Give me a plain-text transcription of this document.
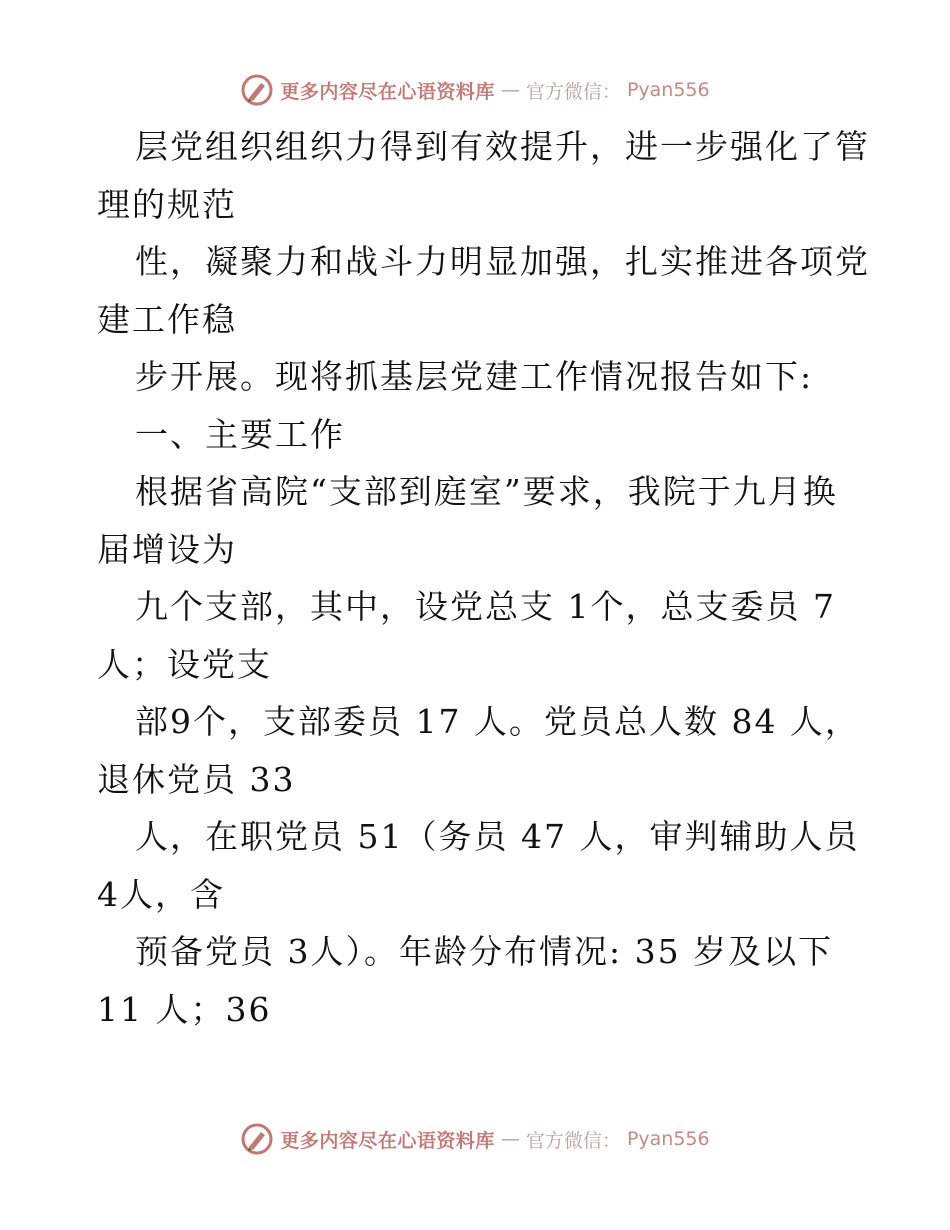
更多内容尽在心语资料库 — 官方微信： Pyan556
层党组织组织力得到有效提升，进一步强化了管
理的规范
性，凝聚力和战斗力明显加强，扎实推进各项党
建工作稳
步开展。现将抓基层党建工作情况报告如下:
一、主要工作
根据省高院“支部到庭室”要求，我院于九月换
届增设为
九个支部，其中，设党总支 1个，总支委员 7
人；设党支
部9个，支部委员 17 人。党员总人数 84 人，
退休党员 33
人，在职党员 51（务员 47 人，审判辅助人员
4人，含
预备党员 3人）。年龄分布情况: 35 岁及以下
11 人；36
更多内容尽在心语资料库 — 官方微信： Pyan556
